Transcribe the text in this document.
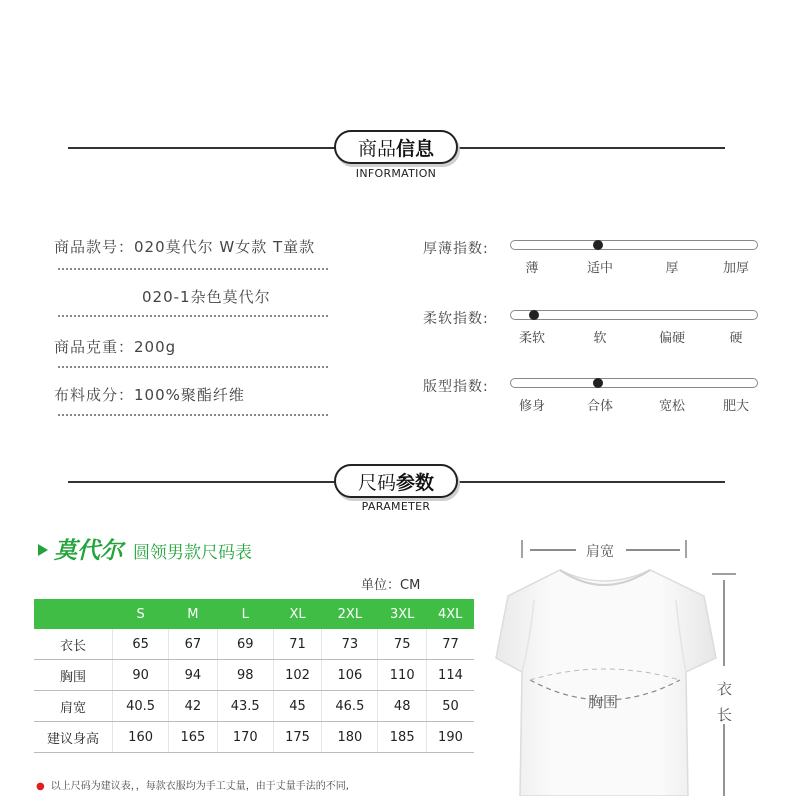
商品 信息
INFORMATION
商品款号：020莫代尔 W女款 T童款
020-1杂色莫代尔
商品克重：200g
布料成分：100%聚酯纤维
厚薄指数:
薄	适中	厚	加厚
柔软指数:
柔软	软	偏硬	硬
版型指数:
修身	合体	宽松	肥大
尺码 参数
PARAMETER
莫代尔 圆领男款尺码表
单位：CM
	S	M	L	XL	2XL	3XL	4XL
衣长	65	67	69	71	73	75	77
胸围	90	94	98	102	106	110	114
肩宽	40.5	42	43.5	45	46.5	48	50
建议身高	160	165	170	175	180	185	190
肩宽
胸围
衣长
● 以上尺码为建议表，，每款衣服均为手工丈量，由于丈量手法的不同,
